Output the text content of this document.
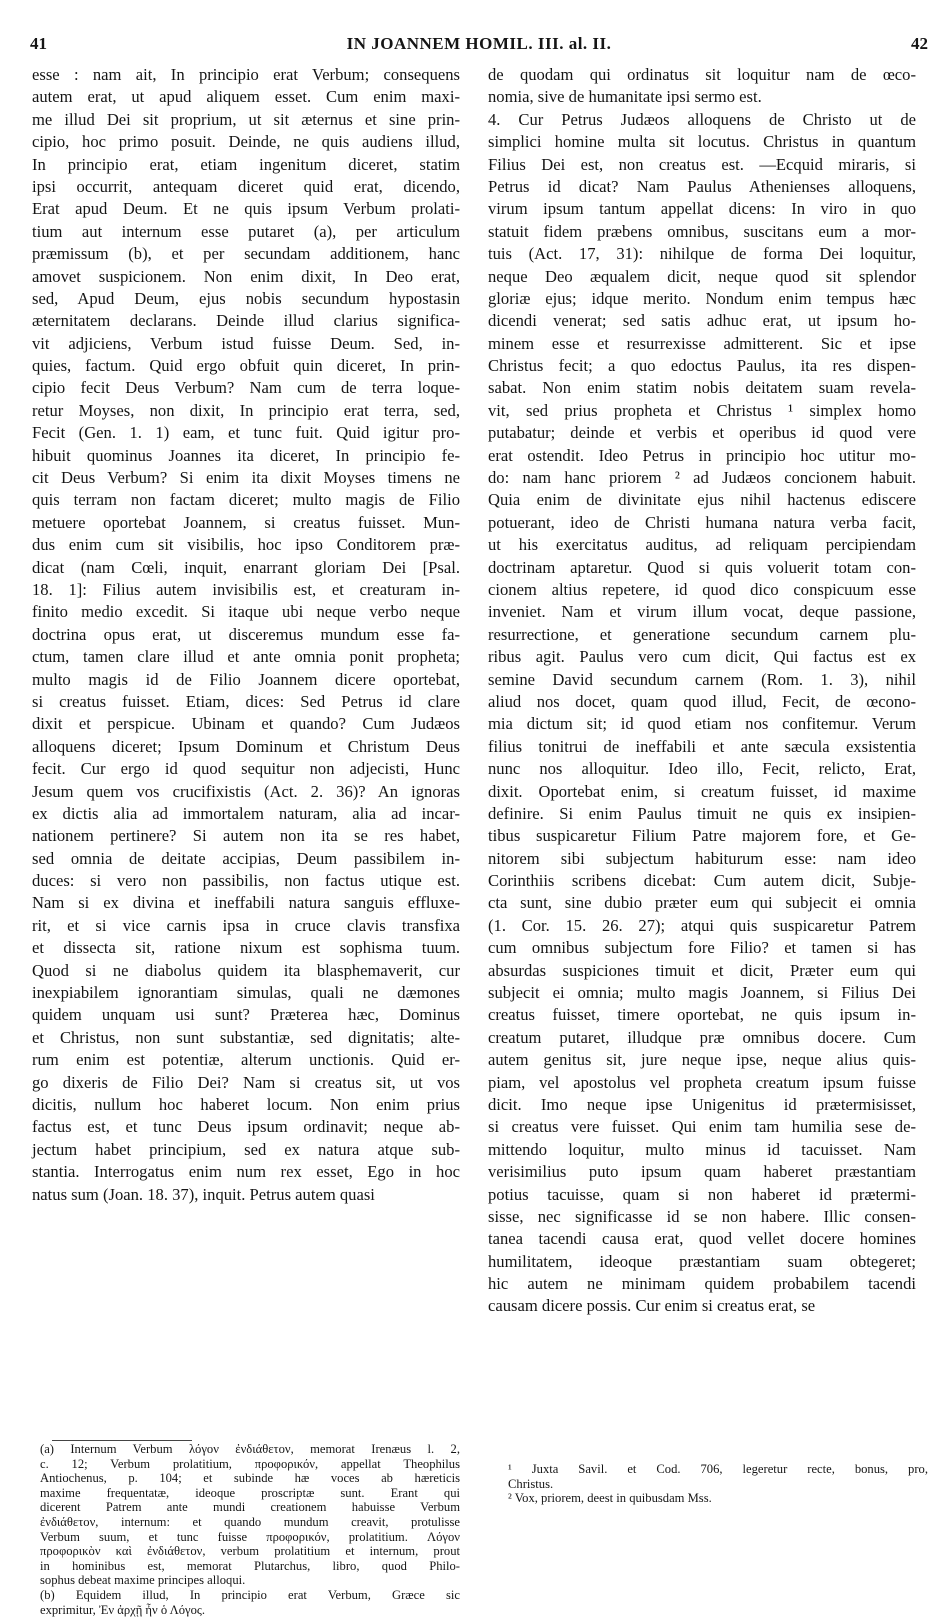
41	IN JOANNEM HOMIL. III. al. II.	42
esse : nam ait, In principio erat Verbum; consequens
autem erat, ut apud aliquem esset. Cum enim maxi-
me illud Dei sit proprium, ut sit æternus et sine prin-
cipio, hoc primo posuit. Deinde, ne quis audiens illud,
In principio erat, etiam ingenitum diceret, statim
ipsi occurrit, antequam diceret quid erat, dicendo,
Erat apud Deum. Et ne quis ipsum Verbum prolati-
tium aut internum esse putaret (a), per articulum
præmissum (b), et per secundam additionem, hanc
amovet suspicionem. Non enim dixit, In Deo erat,
sed, Apud Deum, ejus nobis secundum hypostasin
æternitatem declarans. Deinde illud clarius significa-
vit adjiciens, Verbum istud fuisse Deum. Sed, in-
quies, factum. Quid ergo obfuit quin diceret, In prin-
cipio fecit Deus Verbum? Nam cum de terra loque-
retur Moyses, non dixit, In principio erat terra, sed,
Fecit (Gen. 1. 1) eam, et tunc fuit. Quid igitur pro-
hibuit quominus Joannes ita diceret, In principio fe-
cit Deus Verbum? Si enim ita dixit Moyses timens ne
quis terram non factam diceret; multo magis de Filio
metuere oportebat Joannem, si creatus fuisset. Mun-
dus enim cum sit visibilis, hoc ipso Conditorem præ-
dicat (nam Cœli, inquit, enarrant gloriam Dei [Psal.
18. 1]: Filius autem invisibilis est, et creaturam in-
finito medio excedit. Si itaque ubi neque verbo neque
doctrina opus erat, ut disceremus mundum esse fa-
ctum, tamen clare illud et ante omnia ponit propheta;
multo magis id de Filio Joannem dicere oportebat,
si creatus fuisset. Etiam, dices: Sed Petrus id clare
dixit et perspicue. Ubinam et quando? Cum Judæos
alloquens diceret; Ipsum Dominum et Christum Deus
fecit. Cur ergo id quod sequitur non adjecisti, Hunc
Jesum quem vos crucifixistis (Act. 2. 36)? An ignoras
ex dictis alia ad immortalem naturam, alia ad incar-
nationem pertinere? Si autem non ita se res habet,
sed omnia de deitate accipias, Deum passibilem in-
duces: si vero non passibilis, non factus utique est.
Nam si ex divina et ineffabili natura sanguis effluxe-
rit, et si vice carnis ipsa in cruce clavis transfixa
et dissecta sit, ratione nixum est sophisma tuum.
Quod si ne diabolus quidem ita blasphemaverit, cur
inexpiabilem ignorantiam simulas, quali ne dæmones
quidem unquam usi sunt? Præterea hæc, Dominus
et Christus, non sunt substantiæ, sed dignitatis; alte-
rum enim est potentiæ, alterum unctionis. Quid er-
go dixeris de Filio Dei? Nam si creatus sit, ut vos
dicitis, nullum hoc haberet locum. Non enim prius
factus est, et tunc Deus ipsum ordinavit; neque ab-
jectum habet principium, sed ex natura atque sub-
stantia. Interrogatus enim num rex esset, Ego in hoc
natus sum (Joan. 18. 37), inquit. Petrus autem quasi
(a) Internum Verbum λόγον ἐνδιάθετον, memorat Irenæus l. 2,
c. 12; Verbum prolatitium, προφορικόν, appellat Theophilus
Antiochenus, p. 104; et subinde hæ voces ab hæreticis
maxime frequentatæ, ideoque proscriptæ sunt. Erant qui
dicerent Patrem ante mundi creationem habuisse Verbum
ἐνδιάθετον, internum: et quando mundum creavit, protulisse
Verbum suum, et tunc fuisse προφορικόν, prolatitium. Λόγον
προφορικὸν καὶ ἐνδιάθετον, verbum prolatitium et internum, prout
in hominibus est, memorat Plutarchus, libro, quod Philo-
sophus debeat maxime principes alloqui.
(b) Equidem illud, In principio erat Verbum, Græce sic
exprimitur, Ἐν ἀρχῇ ἦν ὁ Λόγος.
de quodam qui ordinatus sit loquitur nam de œco-
nomia, sive de humanitate ipsi sermo est.
4. Cur Petrus Judæos alloquens de Christo ut de
simplici homine multa sit locutus. Christus in quantum
Filius Dei est, non creatus est. —Ecquid miraris, si
Petrus id dicat? Nam Paulus Athenienses alloquens,
virum ipsum tantum appellat dicens: In viro in quo
statuit fidem præbens omnibus, suscitans eum a mor-
tuis (Act. 17, 31): nihilque de forma Dei loquitur,
neque Deo æqualem dicit, neque quod sit splendor
gloriæ ejus; idque merito. Nondum enim tempus hæc
dicendi venerat; sed satis adhuc erat, ut ipsum ho-
minem esse et resurrexisse admitterent. Sic et ipse
Christus fecit; a quo edoctus Paulus, ita res dispen-
sabat. Non enim statim nobis deitatem suam revela-
vit, sed prius propheta et Christus ¹ simplex homo
putabatur; deinde et verbis et operibus id quod vere
erat ostendit. Ideo Petrus in principio hoc utitur mo-
do: nam hanc priorem ² ad Judæos concionem habuit.
Quia enim de divinitate ejus nihil hactenus ediscere
potuerant, ideo de Christi humana natura verba facit,
ut his exercitatus auditus, ad reliquam percipiendam
doctrinam aptaretur. Quod si quis voluerit totam con-
cionem altius repetere, id quod dico conspicuum esse
inveniet. Nam et virum illum vocat, deque passione,
resurrectione, et generatione secundum carnem plu-
ribus agit. Paulus vero cum dicit, Qui factus est ex
semine David secundum carnem (Rom. 1. 3), nihil
aliud nos docet, quam quod illud, Fecit, de œcono-
mia dictum sit; id quod etiam nos confitemur. Verum
filius tonitrui de ineffabili et ante sæcula exsistentia
nunc nos alloquitur. Ideo illo, Fecit, relicto, Erat,
dixit. Oportebat enim, si creatum fuisset, id maxime
definire. Si enim Paulus timuit ne quis ex insipien-
tibus suspicaretur Filium Patre majorem fore, et Ge-
nitorem sibi subjectum habiturum esse: nam ideo
Corinthiis scribens dicebat: Cum autem dicit, Subje-
cta sunt, sine dubio præter eum qui subjecit ei omnia
(1. Cor. 15. 26. 27); atqui quis suspicaretur Patrem
cum omnibus subjectum fore Filio? et tamen si has
absurdas suspiciones timuit et dicit, Præter eum qui
subjecit ei omnia; multo magis Joannem, si Filius Dei
creatus fuisset, timere oportebat, ne quis ipsum in-
creatum putaret, illudque præ omnibus docere. Cum
autem genitus sit, jure neque ipse, neque alius quis-
piam, vel apostolus vel propheta creatum ipsum fuisse
dicit. Imo neque ipse Unigenitus id prætermisisset,
si creatus vere fuisset. Qui enim tam humilia sese de-
mittendo loquitur, multo minus id tacuisset. Nam
verisimilius puto ipsum quam haberet præstantiam
potius tacuisse, quam si non haberet id prætermi-
sisse, nec significasse id se non habere. Illic consen-
tanea tacendi causa erat, quod vellet docere homines
humilitatem, ideoque præstantiam suam obtegeret;
hic autem ne minimam quidem probabilem tacendi
causam dicere possis. Cur enim si creatus erat, se
¹ Juxta Savil. et Cod. 706, legeretur recte, bonus, pro,
Christus.
² Vox, priorem, deest in quibusdam Mss.
